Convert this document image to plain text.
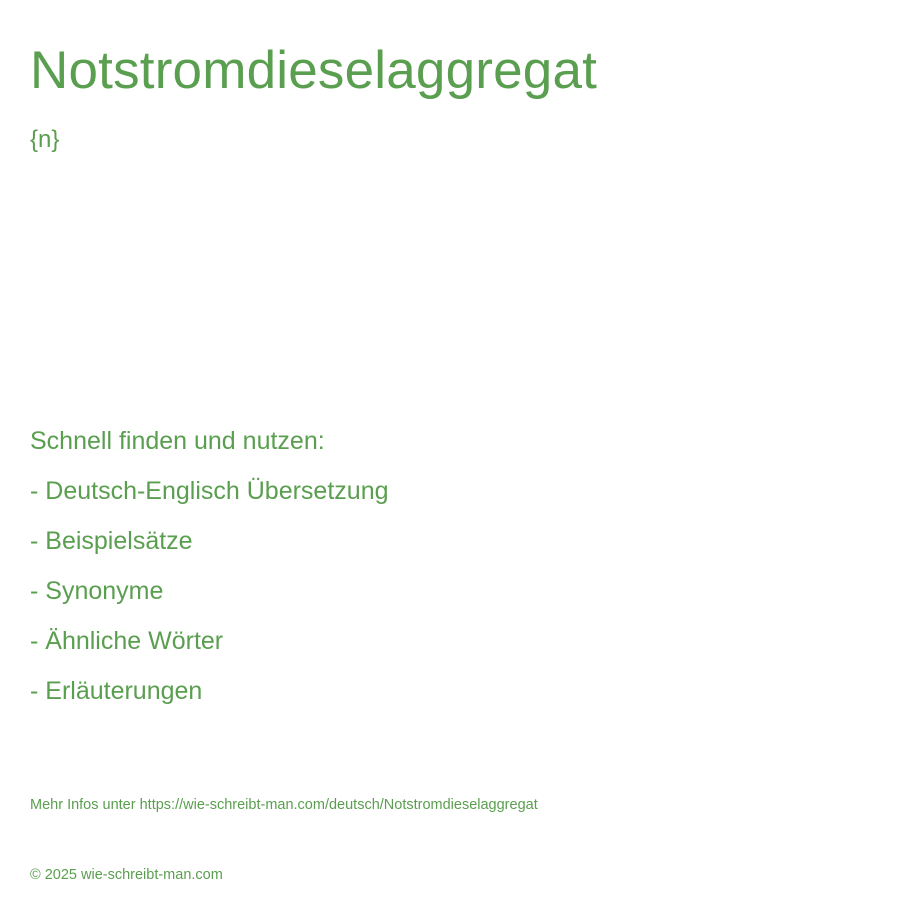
Notstromdieselaggregat
{n}
Schnell finden und nutzen:
- Deutsch-Englisch Übersetzung
- Beispielsätze
- Synonyme
- Ähnliche Wörter
- Erläuterungen
Mehr Infos unter https://wie-schreibt-man.com/deutsch/Notstromdieselaggregat
© 2025 wie-schreibt-man.com
